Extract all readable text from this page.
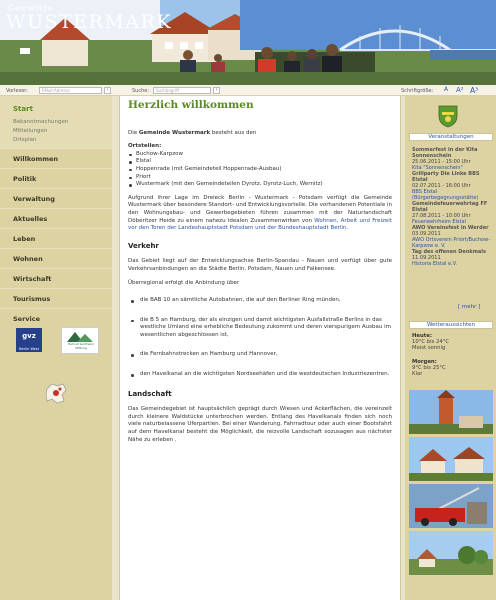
Gemeinde
WUSTERMARK
Vorleser:	EMail-Adresse	›	Suche:	Suchbegriff	›	Schriftgröße: A A² A³
Start
Bekanntmachungen
Mitteilungen
Ortsplan
Willkommen
Politik
Verwaltung
Aktuelles
Leben
Wohnen
Wirtschaft
Tourismus
Service
gvz
Berlin West
Helmut Gollmann Stiftung
Herzlich willkommen

Die Gemeinde Wustermark besteht aus den

Ortsteilen:

Buchow-Karpzow
Elstal
Hoppenrade (mit Gemeindeteil Hoppenrade-Ausbau)
Priort
Wustermark (mit den Gemeindeteilen Dyrotz, Dyrotz-Luch, Wernitz)

Aufgrund ihrer Lage im Dreieck Berlin - Wustermark - Potsdam verfügt die Gemeinde Wustermark über besondere Standort- und Entwicklungsvorteile. Die vorhandenen Potentiale in den Wohnungsbau- und Gewerbegebieten führen zusammen mit der Naturlandschaft Döberitzer Heide zu einem nahezu idealen Zusammenwirken von Wohnen, Arbeit und Freizeit vor den Toren der Landeshauptstadt Potsdam und der Bundeshauptstadt Berlin.

Verkehr

Das Gebiet liegt auf der Entwicklungsachse Berlin-Spandau - Nauen und verfügt über gute Verkehrsanbindungen an die Städte Berlin, Potsdam, Nauen und Falkensee.

Überregional erfolgt die Anbindung über

die BAB 10 an sämtliche Autobahnen, die auf den Berliner Ring münden,
die B 5 an Hamburg, der als einzigen und damit wichtigsten Ausfallstraße Berlins in das westliche Umland eine erhebliche Bedeutung zukommt und deren vierspurigem Ausbau im wesentlichen abgeschlossen ist,
die Fernbahnstrecken an Hamburg und Hannover,
den Havelkanal an die wichtigsten Nordseehäfen und die westdeutschen Industriezentren.
Landschaft

Das Gemeindegebiet ist hauptsächlich geprägt durch Wiesen und Ackerflächen, die vereinzelt durch kleinere Waldstücke unterbrochen werden. Entlang des Havelkanals finden sich noch viele naturbelassene Uferpartien. Bei einer Wanderung, Fahrradtour oder auch einer Bootsfahrt auf dem Havelkanal besteht die Möglichkeit, die reizvolle Landschaft sozusagen aus nächster Nähe zu erleben .

Veranstaltungen
Sommerfest in der Kita Sonnenschein
25.06.2011 - 15:00 Uhr
Kita "Sonnenschein"
Grillparty Die Linke BBS Elstal
02.07.2011 - 16:00 Uhr
BBS Elstal (Bürgerbegegnungsstätte)
Gemeindefeuerwehrtag FF Elstal
27.08.2011 - 10:00 Uhr
Feuerwehrheim Elstal
AWO Vereinsfest in Werder
03.09.2011
AWO Ortsverein Priort/Buchow-Karpzow e. V.
Tag des offenen Denkmals
11.09.2011
Historia Elstal e.V.
[ mehr ]
Wetteraussichten
Heute:
10°C bis 24°C
Meist sonnig
Morgen:
9°C bis 25°C
Klar
